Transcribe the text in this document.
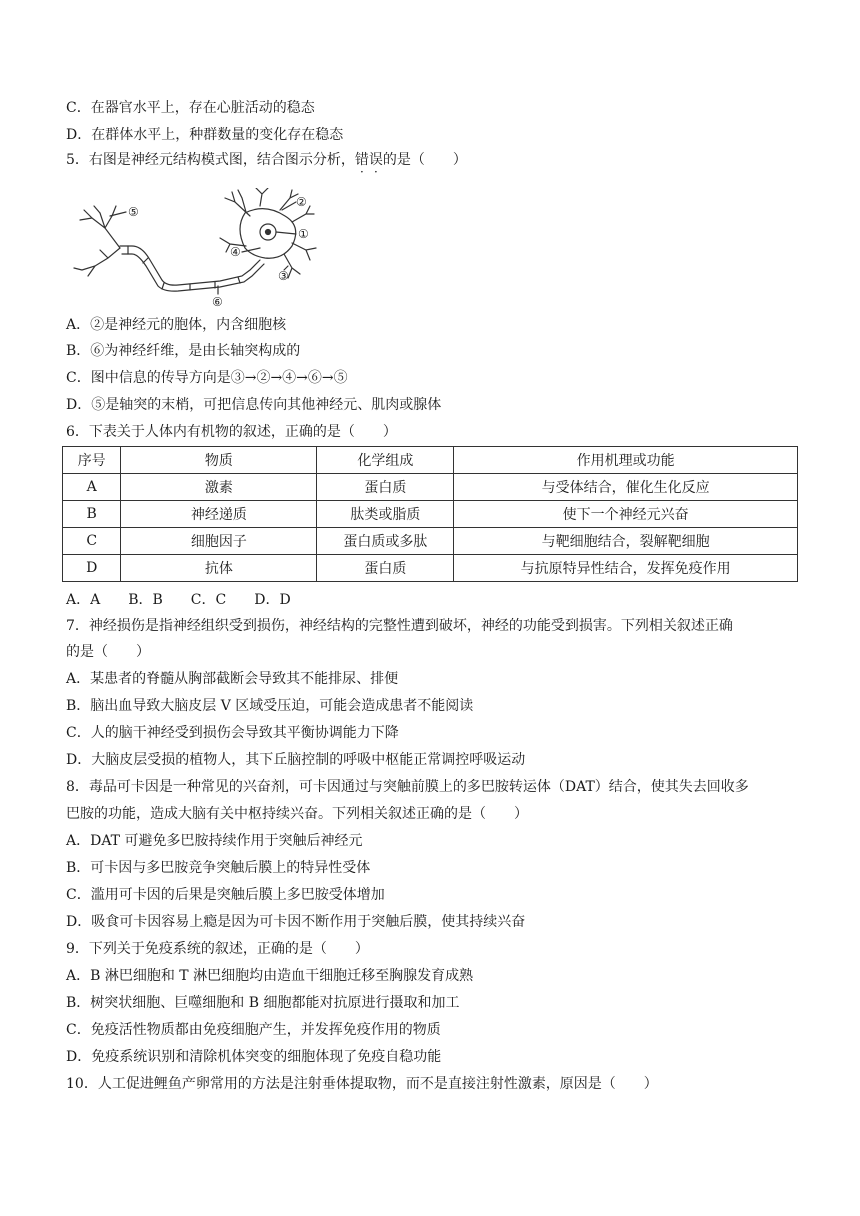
C．在器官水平上，存在心脏活动的稳态
D．在群体水平上，种群数量的变化存在稳态
5．右图是神经元结构模式图，结合图示分析，错误的是（　　）
②
①
④
③
⑤
⑥
A．②是神经元的胞体，内含细胞核
B．⑥为神经纤维，是由长轴突构成的
C．图中信息的传导方向是③→②→④→⑥→⑤
D．⑤是轴突的末梢，可把信息传向其他神经元、肌肉或腺体
6．下表关于人体内有机物的叙述，正确的是（　　）
序号	物质	化学组成	作用机理或功能
A	激素	蛋白质	与受体结合，催化生化反应
B	神经递质	肽类或脂质	使下一个神经元兴奋
C	细胞因子	蛋白质或多肽	与靶细胞结合，裂解靶细胞
D	抗体	蛋白质	与抗原特异性结合，发挥免疫作用
A．A　　B．B　　C．C　　D．D
7．神经损伤是指神经组织受到损伤，神经结构的完整性遭到破坏，神经的功能受到损害。下列相关叙述正确
的是（　　）
A．某患者的脊髓从胸部截断会导致其不能排尿、排便
B．脑出血导致大脑皮层 V 区域受压迫，可能会造成患者不能阅读
C．人的脑干神经受到损伤会导致其平衡协调能力下降
D．大脑皮层受损的植物人，其下丘脑控制的呼吸中枢能正常调控呼吸运动
8．毒品可卡因是一种常见的兴奋剂，可卡因通过与突触前膜上的多巴胺转运体（DAT）结合，使其失去回收多
巴胺的功能，造成大脑有关中枢持续兴奋。下列相关叙述正确的是（　　）
A．DAT 可避免多巴胺持续作用于突触后神经元
B．可卡因与多巴胺竞争突触后膜上的特异性受体
C．滥用可卡因的后果是突触后膜上多巴胺受体增加
D．吸食可卡因容易上瘾是因为可卡因不断作用于突触后膜，使其持续兴奋
9．下列关于免疫系统的叙述，正确的是（　　）
A．B 淋巴细胞和 T 淋巴细胞均由造血干细胞迁移至胸腺发育成熟
B．树突状细胞、巨噬细胞和 B 细胞都能对抗原进行摄取和加工
C．免疫活性物质都由免疫细胞产生，并发挥免疫作用的物质
D．免疫系统识别和清除机体突变的细胞体现了免疫自稳功能
10．人工促进鲤鱼产卵常用的方法是注射垂体提取物，而不是直接注射性激素，原因是（　　）
